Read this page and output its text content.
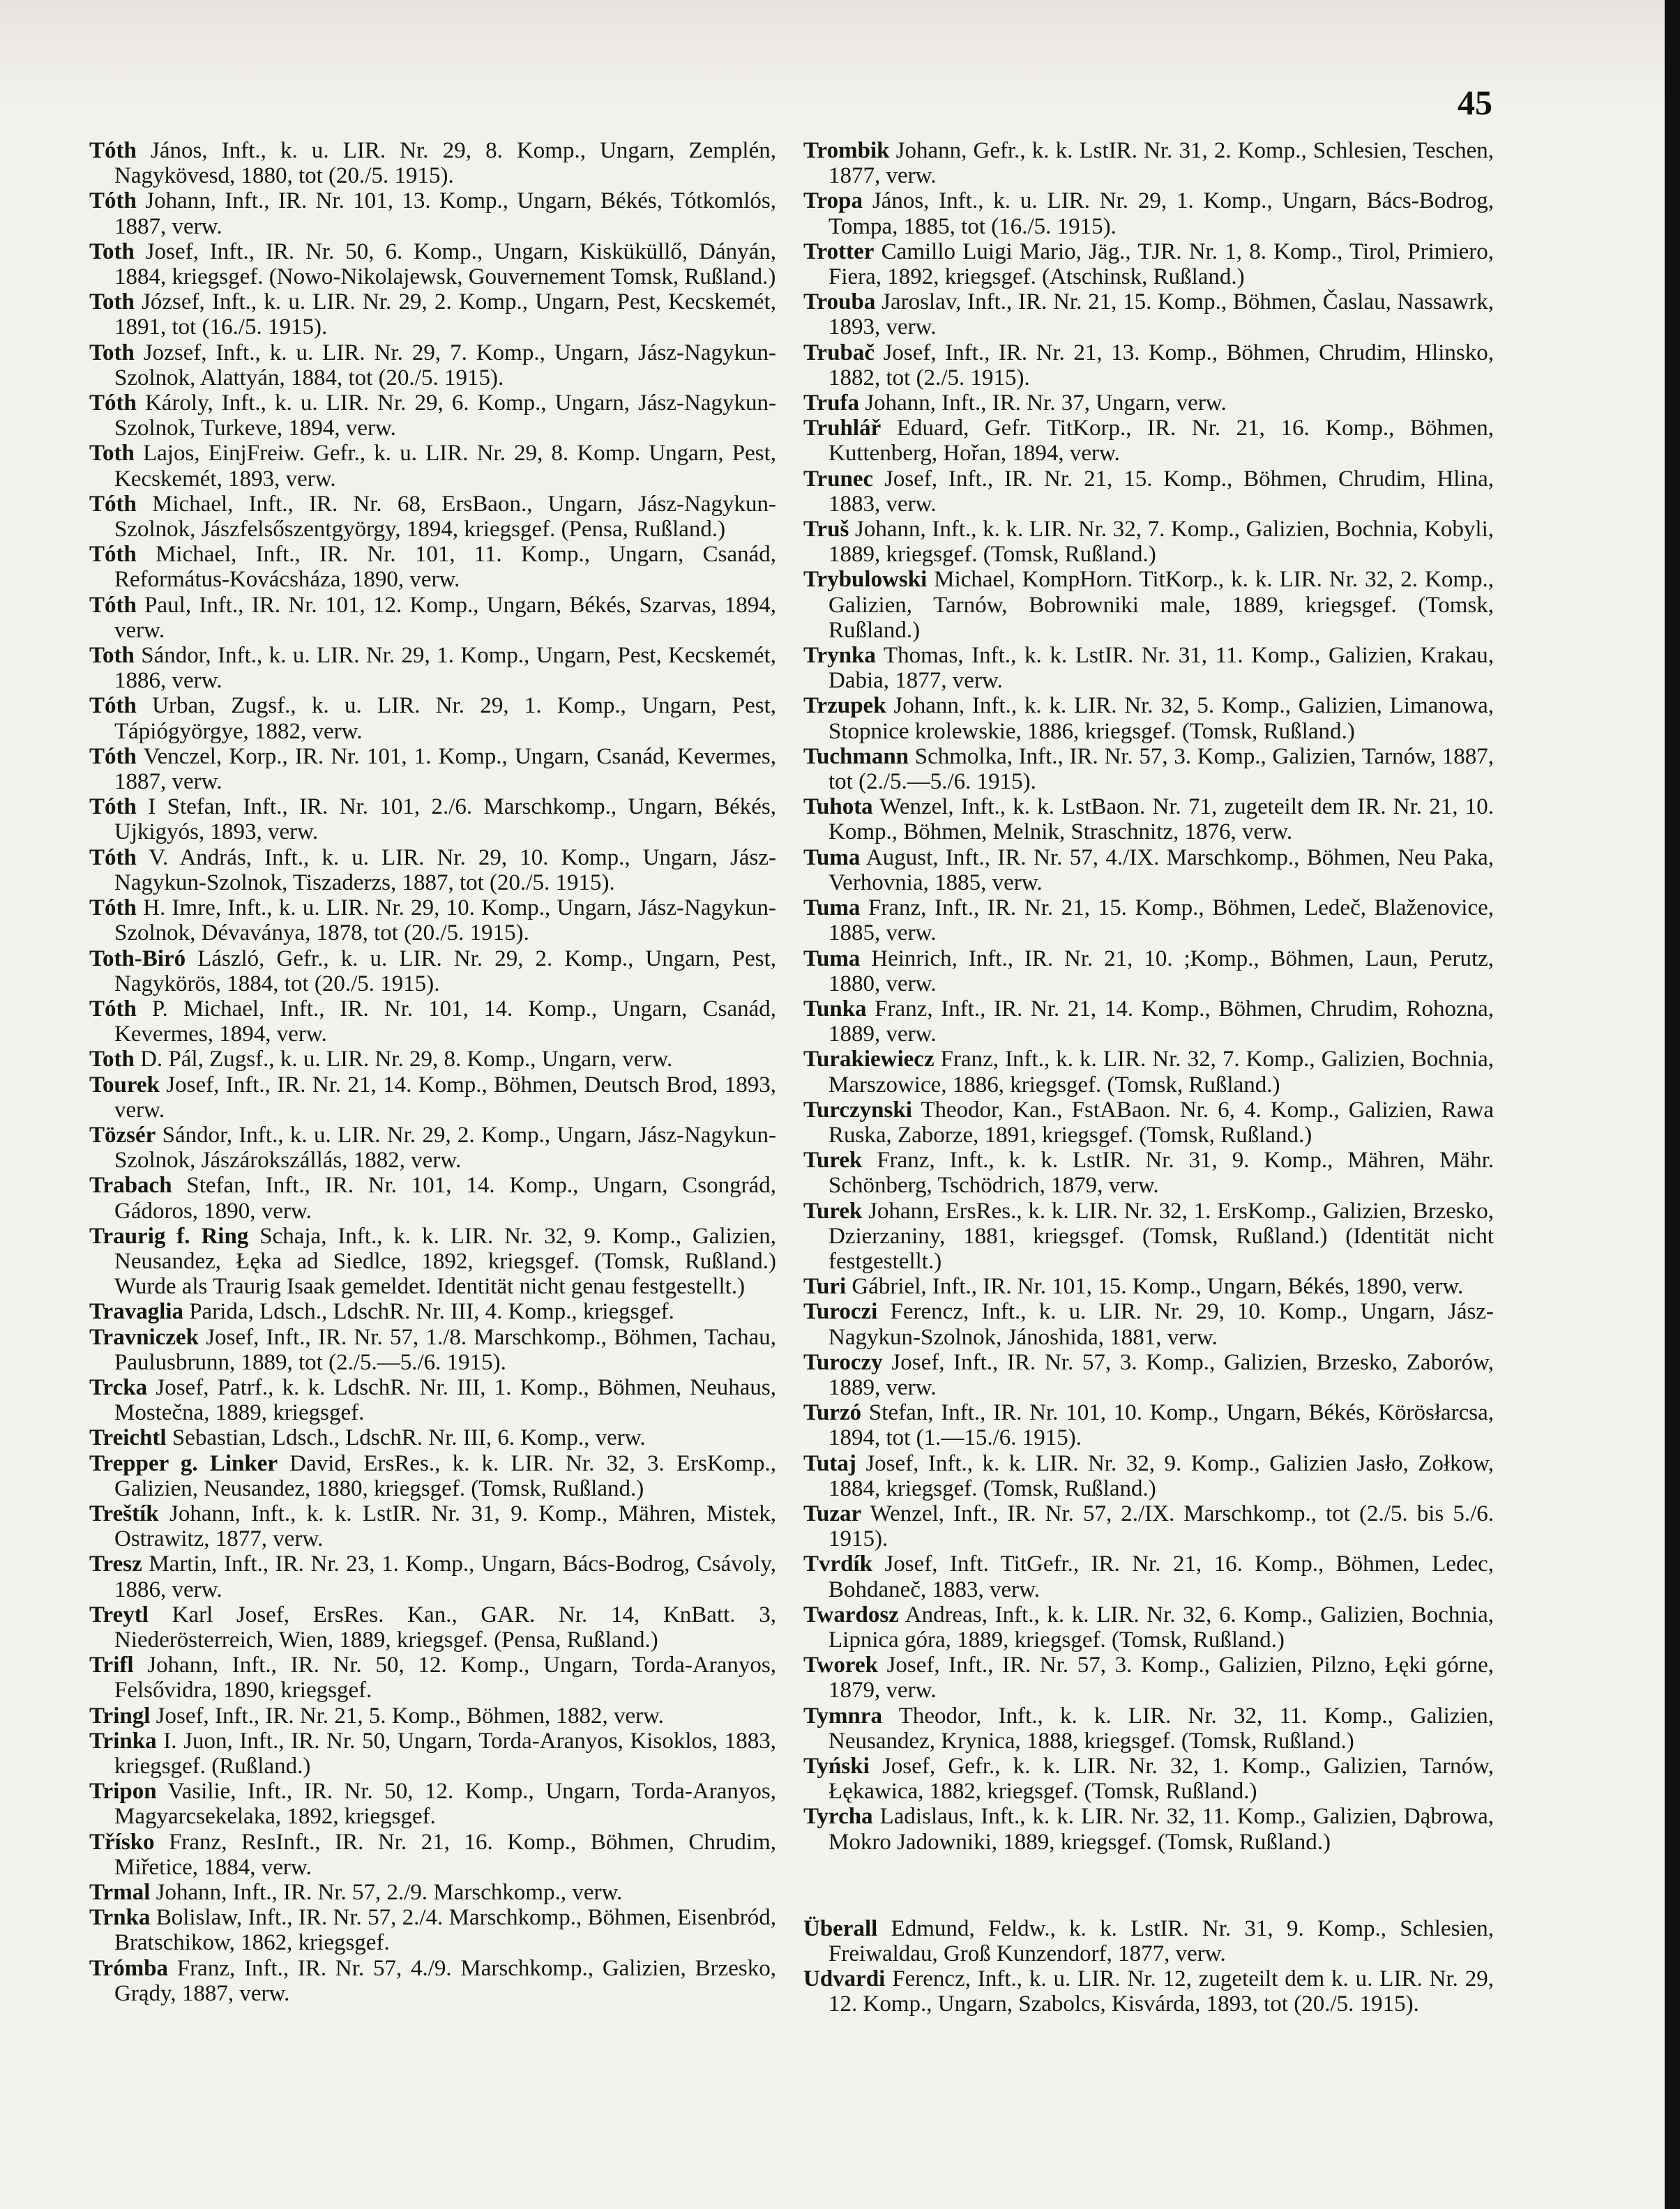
45

Tóth János, Inft., k. u. LIR. Nr. 29, 8. Komp., Ungarn, Zemplén, Nagykövesd, 1880, tot (20./5. 1915).

Tóth Johann, Inft., IR. Nr. 101, 13. Komp., Ungarn, Békés, Tótkomlós, 1887, verw.

Toth Josef, Inft., IR. Nr. 50, 6. Komp., Ungarn, Kisküküllő, Dányán, 1884, kriegsgef. (Nowo-Nikolajewsk, Gouvernement Tomsk, Rußland.)

Toth József, Inft., k. u. LIR. Nr. 29, 2. Komp., Ungarn, Pest, Kecskemét, 1891, tot (16./5. 1915).

Toth Jozsef, Inft., k. u. LIR. Nr. 29, 7. Komp., Ungarn, Jász-Nagykun-Szolnok, Alattyán, 1884, tot (20./5. 1915).

Tóth Károly, Inft., k. u. LIR. Nr. 29, 6. Komp., Ungarn, Jász-Nagykun-Szolnok, Turkeve, 1894, verw.

Toth Lajos, EinjFreiw. Gefr., k. u. LIR. Nr. 29, 8. Komp. Ungarn, Pest, Kecskemét, 1893, verw.

Tóth Michael, Inft., IR. Nr. 68, ErsBaon., Ungarn, Jász-Nagykun-Szolnok, Jászfelsőszentgyörgy, 1894, kriegsgef. (Pensa, Rußland.)

Tóth Michael, Inft., IR. Nr. 101, 11. Komp., Ungarn, Csanád, Református-Kovácsháza, 1890, verw.

Tóth Paul, Inft., IR. Nr. 101, 12. Komp., Ungarn, Békés, Szarvas, 1894, verw.

Toth Sándor, Inft., k. u. LIR. Nr. 29, 1. Komp., Ungarn, Pest, Kecskemét, 1886, verw.

Tóth Urban, Zugsf., k. u. LIR. Nr. 29, 1. Komp., Ungarn, Pest, Tápiógyörgye, 1882, verw.

Tóth Venczel, Korp., IR. Nr. 101, 1. Komp., Ungarn, Csanád, Kevermes, 1887, verw.

Tóth I Stefan, Inft., IR. Nr. 101, 2./6. Marschkomp., Ungarn, Békés, Ujkigyós, 1893, verw.

Tóth V. András, Inft., k. u. LIR. Nr. 29, 10. Komp., Ungarn, Jász-Nagykun-Szolnok, Tiszaderzs, 1887, tot (20./5. 1915).

Tóth H. Imre, Inft., k. u. LIR. Nr. 29, 10. Komp., Ungarn, Jász-Nagykun-Szolnok, Dévaványa, 1878, tot (20./5. 1915).

Toth-Biró László, Gefr., k. u. LIR. Nr. 29, 2. Komp., Ungarn, Pest, Nagykörös, 1884, tot (20./5. 1915).

Tóth P. Michael, Inft., IR. Nr. 101, 14. Komp., Ungarn, Csanád, Kevermes, 1894, verw.

Toth D. Pál, Zugsf., k. u. LIR. Nr. 29, 8. Komp., Ungarn, verw.

Tourek Josef, Inft., IR. Nr. 21, 14. Komp., Böhmen, Deutsch Brod, 1893, verw.

Tözsér Sándor, Inft., k. u. LIR. Nr. 29, 2. Komp., Ungarn, Jász-Nagykun-Szolnok, Jászárokszállás, 1882, verw.

Trabach Stefan, Inft., IR. Nr. 101, 14. Komp., Ungarn, Csongrád, Gádoros, 1890, verw.

Traurig f. Ring Schaja, Inft., k. k. LIR. Nr. 32, 9. Komp., Galizien, Neusandez, Łęka ad Siedlce, 1892, kriegsgef. (Tomsk, Rußland.) Wurde als Traurig Isaak gemeldet. Identität nicht genau festgestellt.)

Travaglia Parida, Ldsch., LdschR. Nr. III, 4. Komp., kriegsgef.

Travniczek Josef, Inft., IR. Nr. 57, 1./8. Marschkomp., Böhmen, Tachau, Paulusbrunn, 1889, tot (2./5.—5./6. 1915).

Trcka Josef, Patrf., k. k. LdschR. Nr. III, 1. Komp., Böhmen, Neuhaus, Mostečna, 1889, kriegsgef.

Treichtl Sebastian, Ldsch., LdschR. Nr. III, 6. Komp., verw.

Trepper g. Linker David, ErsRes., k. k. LIR. Nr. 32, 3. ErsKomp., Galizien, Neusandez, 1880, kriegsgef. (Tomsk, Rußland.)

Treštík Johann, Inft., k. k. LstIR. Nr. 31, 9. Komp., Mähren, Mistek, Ostrawitz, 1877, verw.

Tresz Martin, Inft., IR. Nr. 23, 1. Komp., Ungarn, Bács-Bodrog, Csávoly, 1886, verw.

Treytl Karl Josef, ErsRes. Kan., GAR. Nr. 14, KnBatt. 3, Niederösterreich, Wien, 1889, kriegsgef. (Pensa, Rußland.)

Trifl Johann, Inft., IR. Nr. 50, 12. Komp., Ungarn, Torda-Aranyos, Felsővidra, 1890, kriegsgef.

Tringl Josef, Inft., IR. Nr. 21, 5. Komp., Böhmen, 1882, verw.

Trinka I. Juon, Inft., IR. Nr. 50, Ungarn, Torda-Aranyos, Kisoklos, 1883, kriegsgef. (Rußland.)

Tripon Vasilie, Inft., IR. Nr. 50, 12. Komp., Ungarn, Torda-Aranyos, Magyarcsekelaka, 1892, kriegsgef.

Třísko Franz, ResInft., IR. Nr. 21, 16. Komp., Böhmen, Chrudim, Miřetice, 1884, verw.

Trmal Johann, Inft., IR. Nr. 57, 2./9. Marschkomp., verw.

Trnka Bolislaw, Inft., IR. Nr. 57, 2./4. Marschkomp., Böhmen, Eisenbród, Bratschikow, 1862, kriegsgef.

Trómba Franz, Inft., IR. Nr. 57, 4./9. Marschkomp., Galizien, Brzesko, Grądy, 1887, verw.

Trombik Johann, Gefr., k. k. LstIR. Nr. 31, 2. Komp., Schlesien, Teschen, 1877, verw.

Tropa János, Inft., k. u. LIR. Nr. 29, 1. Komp., Ungarn, Bács-Bodrog, Tompa, 1885, tot (16./5. 1915).

Trotter Camillo Luigi Mario, Jäg., TJR. Nr. 1, 8. Komp., Tirol, Primiero, Fiera, 1892, kriegsgef. (Atschinsk, Rußland.)

Trouba Jaroslav, Inft., IR. Nr. 21, 15. Komp., Böhmen, Časlau, Nassawrk, 1893, verw.

Trubač Josef, Inft., IR. Nr. 21, 13. Komp., Böhmen, Chrudim, Hlinsko, 1882, tot (2./5. 1915).

Trufa Johann, Inft., IR. Nr. 37, Ungarn, verw.

Truhlář Eduard, Gefr. TitKorp., IR. Nr. 21, 16. Komp., Böhmen, Kuttenberg, Hořan, 1894, verw.

Trunec Josef, Inft., IR. Nr. 21, 15. Komp., Böhmen, Chrudim, Hlina, 1883, verw.

Truš Johann, Inft., k. k. LIR. Nr. 32, 7. Komp., Galizien, Bochnia, Kobyli, 1889, kriegsgef. (Tomsk, Rußland.)

Trybulowski Michael, KompHorn. TitKorp., k. k. LIR. Nr. 32, 2. Komp., Galizien, Tarnów, Bobrowniki male, 1889, kriegsgef. (Tomsk, Rußland.)

Trynka Thomas, Inft., k. k. LstIR. Nr. 31, 11. Komp., Galizien, Krakau, Dabia, 1877, verw.

Trzupek Johann, Inft., k. k. LIR. Nr. 32, 5. Komp., Galizien, Limanowa, Stopnice krolewskie, 1886, kriegsgef. (Tomsk, Rußland.)

Tuchmann Schmolka, Inft., IR. Nr. 57, 3. Komp., Galizien, Tarnów, 1887, tot (2./5.—5./6. 1915).

Tuhota Wenzel, Inft., k. k. LstBaon. Nr. 71, zugeteilt dem IR. Nr. 21, 10. Komp., Böhmen, Melnik, Straschnitz, 1876, verw.

Tuma August, Inft., IR. Nr. 57, 4./IX. Marschkomp., Böhmen, Neu Paka, Verhovnia, 1885, verw.

Tuma Franz, Inft., IR. Nr. 21, 15. Komp., Böhmen, Ledeč, Blaženovice, 1885, verw.

Tuma Heinrich, Inft., IR. Nr. 21, 10. ;Komp., Böhmen, Laun, Perutz, 1880, verw.

Tunka Franz, Inft., IR. Nr. 21, 14. Komp., Böhmen, Chrudim, Rohozna, 1889, verw.

Turakiewiecz Franz, Inft., k. k. LIR. Nr. 32, 7. Komp., Galizien, Bochnia, Marszowice, 1886, kriegsgef. (Tomsk, Rußland.)

Turczynski Theodor, Kan., FstABaon. Nr. 6, 4. Komp., Galizien, Rawa Ruska, Zaborze, 1891, kriegsgef. (Tomsk, Rußland.)

Turek Franz, Inft., k. k. LstIR. Nr. 31, 9. Komp., Mähren, Mähr. Schönberg, Tschödrich, 1879, verw.

Turek Johann, ErsRes., k. k. LIR. Nr. 32, 1. ErsKomp., Galizien, Brzesko, Dzierzaniny, 1881, kriegsgef. (Tomsk, Rußland.) (Identität nicht festgestellt.)

Turi Gábriel, Inft., IR. Nr. 101, 15. Komp., Ungarn, Békés, 1890, verw.

Turoczi Ferencz, Inft., k. u. LIR. Nr. 29, 10. Komp., Ungarn, Jász-Nagykun-Szolnok, Jánoshida, 1881, verw.

Turoczy Josef, Inft., IR. Nr. 57, 3. Komp., Galizien, Brzesko, Zaborów, 1889, verw.

Turzó Stefan, Inft., IR. Nr. 101, 10. Komp., Ungarn, Békés, Körösłarcsa, 1894, tot (1.—15./6. 1915).

Tutaj Josef, Inft., k. k. LIR. Nr. 32, 9. Komp., Galizien Jasło, Zołkow, 1884, kriegsgef. (Tomsk, Rußland.)

Tuzar Wenzel, Inft., IR. Nr. 57, 2./IX. Marschkomp., tot (2./5. bis 5./6. 1915).

Tvrdík Josef, Inft. TitGefr., IR. Nr. 21, 16. Komp., Böhmen, Ledec, Bohdaneč, 1883, verw.

Twardosz Andreas, Inft., k. k. LIR. Nr. 32, 6. Komp., Galizien, Bochnia, Lipnica góra, 1889, kriegsgef. (Tomsk, Rußland.)

Tworek Josef, Inft., IR. Nr. 57, 3. Komp., Galizien, Pilzno, Łęki górne, 1879, verw.

Tymnra Theodor, Inft., k. k. LIR. Nr. 32, 11. Komp., Galizien, Neusandez, Krynica, 1888, kriegsgef. (Tomsk, Rußland.)

Tyński Josef, Gefr., k. k. LIR. Nr. 32, 1. Komp., Galizien, Tarnów, Łękawica, 1882, kriegsgef. (Tomsk, Rußland.)

Tyrcha Ladislaus, Inft., k. k. LIR. Nr. 32, 11. Komp., Galizien, Dąbrowa, Mokro Jadowniki, 1889, kriegsgef. (Tomsk, Rußland.)

Überall Edmund, Feldw., k. k. LstIR. Nr. 31, 9. Komp., Schlesien, Freiwaldau, Groß Kunzendorf, 1877, verw.

Udvardi Ferencz, Inft., k. u. LIR. Nr. 12, zugeteilt dem k. u. LIR. Nr. 29, 12. Komp., Ungarn, Szabolcs, Kisvárda, 1893, tot (20./5. 1915).
